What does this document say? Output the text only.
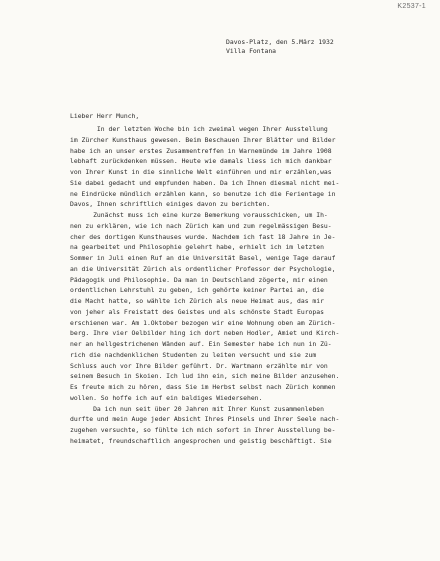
K2537-1
Davos-Platz, den 5.März 1932
Villa Fontana
Lieber Herr Munch,
In der letzten Woche bin ich zweimal wegen Ihrer Ausstellung
im Zürcher Kunsthaus gewesen. Beim Beschauen Ihrer Blätter und Bilder
habe ich an unser erstes Zusammentreffen in Warnemünde im Jahre 1908
lebhaft zurückdenken müssen. Heute wie damals liess ich mich dankbar
von Ihrer Kunst in die sinnliche Welt einführen und mir erzählen,was
Sie dabei gedacht und empfunden haben. Da ich Ihnen diesmal nicht mei-
ne Eindrücke mündlich erzählen kann, so benutze ich die Ferientage in
Davos, Ihnen schriftlich einiges davon zu berichten.
Zunächst muss ich eine kurze Bemerkung vorausschicken, um Ih-
nen zu erklären, wie ich nach Zürich kam und zum regelmässigen Besu-
cher des dortigen Kunsthauses wurde. Nachdem ich fast 18 Jahre in Je-
na gearbeitet und Philosophie gelehrt habe, erhielt ich im letzten
Sommer in Juli einen Ruf an die Universität Basel, wenige Tage darauf
an die Universität Zürich als ordentlicher Professor der Psychologie,
Pädagogik und Philosophie. Da man in Deutschland zögerte, mir einen
ordentlichen Lehrstuhl zu geben, ich gehörte keiner Partei an, die
die Macht hatte, so wählte ich Zürich als neue Heimat aus, das mir
von jeher als Freistatt des Geistes und als schönste Stadt Europas
erschienen war. Am 1.Oktober bezogen wir eine Wohnung oben am Zürich-
berg. Ihre vier Oelbilder hing ich dort neben Hodler, Amiet und Kirch-
ner an hellgestrichenen Wänden auf. Ein Semester habe ich nun in Zü-
rich die nachdenklichen Studenten zu leiten versucht und sie zum
Schluss auch vor Ihre Bilder geführt. Dr. Wartmann erzählte mir von
seinem Besuch in Skoien. Ich lud ihn ein, sich meine Bilder anzusehen.
Es freute mich zu hören, dass Sie im Herbst selbst nach Zürich kommen
wollen. So hoffe ich auf ein baldiges Wiedersehen.
Da ich nun seit über 20 Jahren mit Ihrer Kunst zusammenleben
durfte und mein Auge jeder Absicht Ihres Pinsels und Ihrer Seele nach-
zugehen versuchte, so fühlte ich mich sofort in Ihrer Ausstellung be-
heimatet, freundschaftlich angesprochen und geistig beschäftigt. Sie
